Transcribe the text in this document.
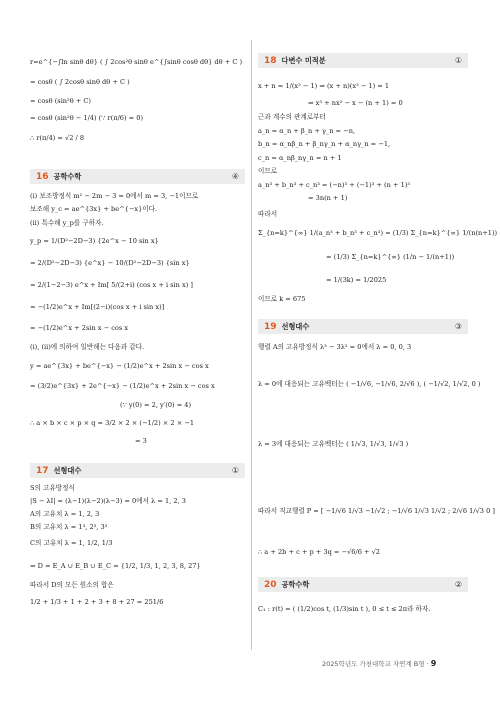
r=e^{−∫ln sinθ dθ} ( ∫ 2cos²θ sinθ e^{∫sinθ cosθ dθ} dθ + C )
= cosθ ( ∫ 2cosθ sinθ dθ + C )
= cosθ (sin²θ + C)
= cosθ (sin²θ − 1/4) (∵ r(π/6) = 0)
∴ r(π/4) = √2 / 8
16 공학수학	④
(i) 보조방정식 m² − 2m − 3 = 0에서 m = 3, −1이므로
보조해 y_c = ae^{3x} + be^{−x}이다.
(ii) 특수해 y_p를 구하자.
y_p = 1/(D²−2D−3) {2e^x − 10 sin x}
= 2/(D²−2D−3) {e^x} − 10/(D²−2D−3) {sin x}
= 2/(1−2−3) e^x + Im[ 5/(2+i) (cos x + i sin x) ]
= −(1/2)e^x + Im[(2−i)(cos x + i sin x)]
= −(1/2)e^x + 2sin x − cos x
(i), (ii)에 의하여 일반해는 다음과 같다.
y = ae^{3x} + be^{−x} − (1/2)e^x + 2sin x − cos x
= (3/2)e^{3x} + 2e^{−x} − (1/2)e^x + 2sin x − cos x
(∵ y(0) = 2, y′(0) = 4)
∴ a × b × c × p × q = 3/2 × 2 × (−1/2) × 2 × −1
= 3
17 선형대수	①
S의 고유방정식
|S − λI| = (λ−1)(λ−2)(λ−3) = 0에서 λ = 1, 2, 3
A의 고유치 λ = 1, 2, 3
B의 고유치 λ = 1³, 2³, 3³
C의 고유치 λ = 1, 1/2, 1/3
⇒ D = E_A ∪ E_B ∪ E_C = {1/2, 1/3, 1, 2, 3, 8, 27}
따라서 D의 모든 원소의 합은
1/2 + 1/3 + 1 + 2 + 3 + 8 + 27 = 251/6
18 다변수 미적분	①
x + n = 1/(x² − 1) ⇒ (x + n)(x² − 1) = 1
⇒ x³ + nx² − x − (n + 1) = 0
근과 계수의 관계로부터
a_n = α_n + β_n + γ_n = −n,
b_n = α_nβ_n + β_nγ_n + α_nγ_n = −1,
c_n = α_nβ_nγ_n = n + 1
이므로
a_n³ + b_n³ + c_n³ = (−n)³ + (−1)³ + (n + 1)³
= 3n(n + 1)
따라서
Σ_{n=k}^{∞} 1/(a_n³ + b_n³ + c_n³) = (1/3) Σ_{n=k}^{∞} 1/(n(n+1))
= (1/3) Σ_{n=k}^{∞} (1/n − 1/(n+1))
= 1/(3k) = 1/2025
이므로 k = 675
19 선형대수	③
행렬 A의 고유방정식 λ³ − 3λ² = 0에서 λ = 0, 0, 3
λ = 0에 대응되는 고유벡터는 ( −1/√6, −1/√6, 2/√6 ), ( −1/√2, 1/√2, 0 )
λ = 3에 대응되는 고유벡터는 ( 1/√3, 1/√3, 1/√3 )
따라서 직교행렬 P = [ −1/√6 1/√3 −1/√2 ; −1/√6 1/√3 1/√2 ; 2/√6 1/√3 0 ]
∴ a + 2b + c + p + 3q = −√6/6 + √2
20 공학수학	②
C₁ : r(t) = ( (1/2)cos t, (1/3)sin t ), 0 ≤ t ≤ 2π라 하자.
2025학년도 가천대학교 자연계 B형 · 9
